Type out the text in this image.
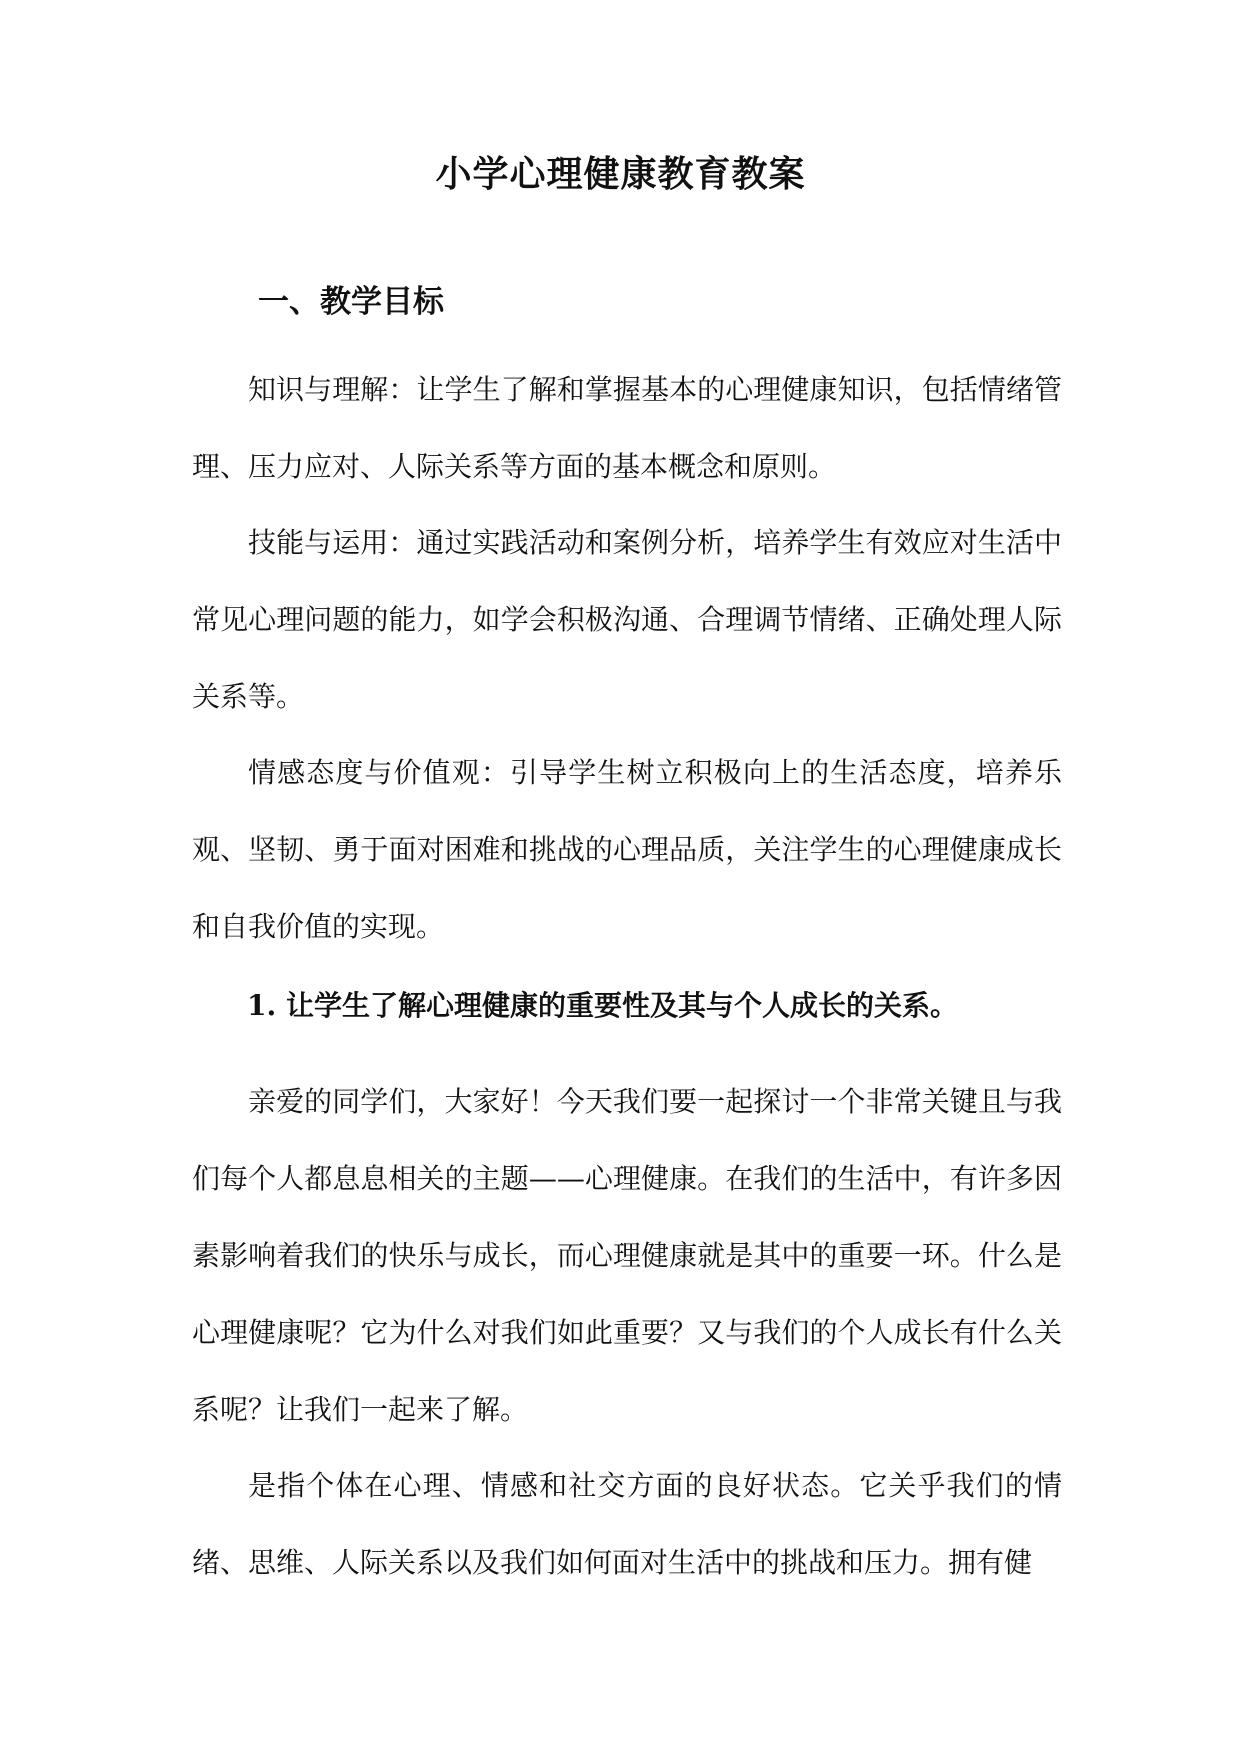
小学心理健康教育教案
一、教学目标

知识与理解：让学生了解和掌握基本的心理健康知识，包括情绪管理、压力应对、人际关系等方面的基本概念和原则。

技能与运用：通过实践活动和案例分析，培养学生有效应对生活中常见心理问题的能力，如学会积极沟通、合理调节情绪、正确处理人际关系等。

情感态度与价值观：引导学生树立积极向上的生活态度，培养乐观、坚韧、勇于面对困难和挑战的心理品质，关注学生的心理健康成长和自我价值的实现。

1. 让学生了解心理健康的重要性及其与个人成长的关系。

亲爱的同学们，大家好！今天我们要一起探讨一个非常关键且与我们每个人都息息相关的主题——心理健康。在我们的生活中，有许多因素影响着我们的快乐与成长，而心理健康就是其中的重要一环。什么是心理健康呢？它为什么对我们如此重要？又与我们的个人成长有什么关系呢？让我们一起来了解。

是指个体在心理、情感和社交方面的良好状态。它关乎我们的情绪、思维、人际关系以及我们如何面对生活中的挑战和压力。拥有健
